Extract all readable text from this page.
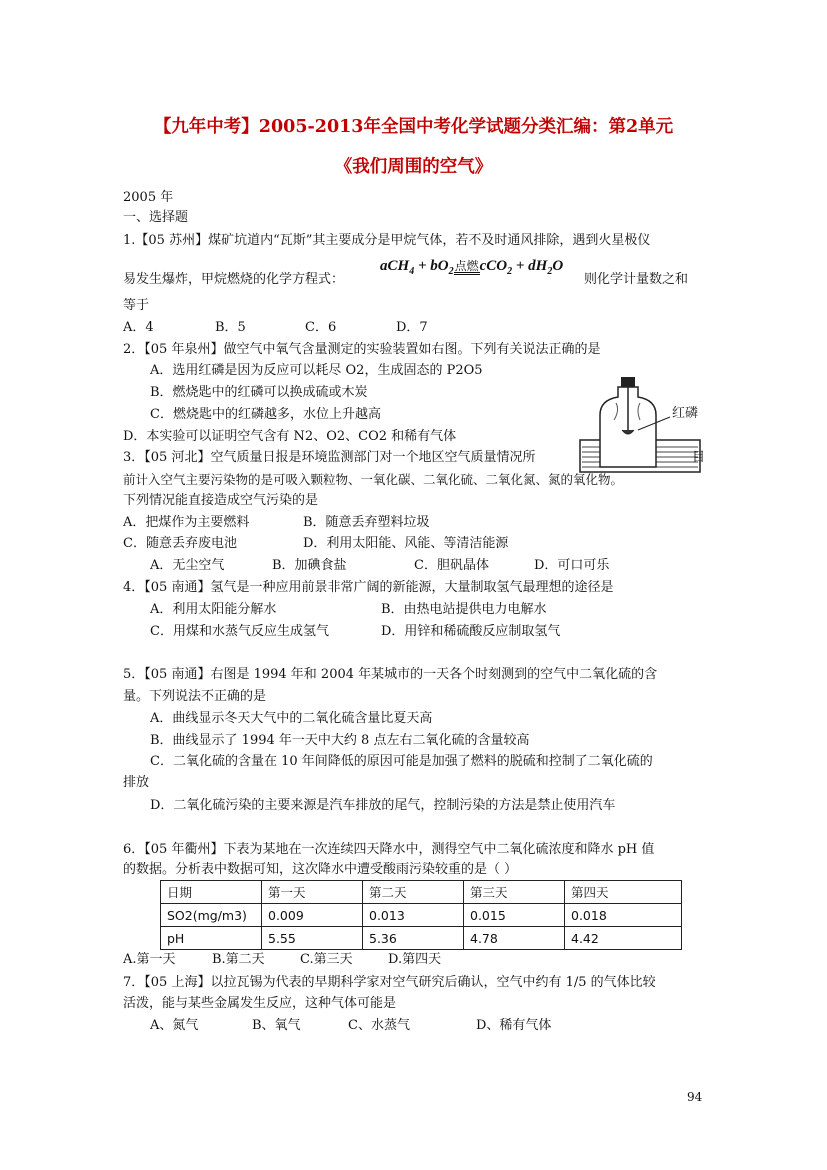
【九年中考】2005-2013年全国中考化学试题分类汇编：第2单元
《我们周围的空气》
2005 年
一、选择题
1.【05 苏州】煤矿坑道内“瓦斯”其主要成分是甲烷气体，若不及时通风排除，遇到火星极仪
易发生爆炸，甲烷燃烧的化学方程式：
$aCH_4 + bO_2$点燃$cCO_2 + dH_2O$
则化学计量数之和
等于
A．4	B．5	C．6	D．7
2．【05 年泉州】做空气中氧气含量测定的实验装置如右图。下列有关说法正确的是
A．选用红磷是因为反应可以耗尽 O2，生成固态的 P2O5
B．燃烧匙中的红磷可以换成硫或木炭
C．燃烧匙中的红磷越多，水位上升越高
D．本实验可以证明空气含有 N2、O2、CO2 和稀有气体
红磷
3．【05 河北】空气质量日报是环境监测部门对一个地区空气质量情况所	目
前计入空气主要污染物的是可吸入颗粒物、一氧化碳、二氧化硫、二氧化氮、氮的氧化物。
下列情况能直接造成空气污染的是
A．把煤作为主要燃料	B．随意丢弃塑料垃圾
C．随意丢弃废电池	D．利用太阳能、风能、等清洁能源
A．无尘空气	B．加碘食盐	C．胆矾晶体	D．可口可乐
4．【05 南通】氢气是一种应用前景非常广阔的新能源，大量制取氢气最理想的途径是
A．利用太阳能分解水	B．由热电站提供电力电解水
C．用煤和水蒸气反应生成氢气	D．用锌和稀硫酸反应制取氢气
5．【05 南通】右图是 1994 年和 2004 年某城市的一天各个时刻测到的空气中二氧化硫的含
量。下列说法不正确的是
A．曲线显示冬天大气中的二氧化硫含量比夏天高
B．曲线显示了 1994 年一天中大约 8 点左右二氧化硫的含量较高
C．二氧化硫的含量在 10 年间降低的原因可能是加强了燃料的脱硫和控制了二氧化硫的
排放
D．二氧化硫污染的主要来源是汽车排放的尾气，控制污染的方法是禁止使用汽车
6．【05 年衢州】下表为某地在一次连续四天降水中，测得空气中二氧化硫浓度和降水 pH 值
的数据。分析表中数据可知，这次降水中遭受酸雨污染较重的是（ ）
日期	第一天	第二天	第三天	第四天
SO2(mg/m3)	0.009	0.013	0.015	0.018
pH	5.55	5.36	4.78	4.42
A.第一天	B.第二天	C.第三天	D.第四天
7．【05 上海】以拉瓦锡为代表的早期科学家对空气研究后确认，空气中约有 1/5 的气体比较
活泼，能与某些金属发生反应，这种气体可能是
A、氮气	B、氧气	C、水蒸气	D、稀有气体
94
